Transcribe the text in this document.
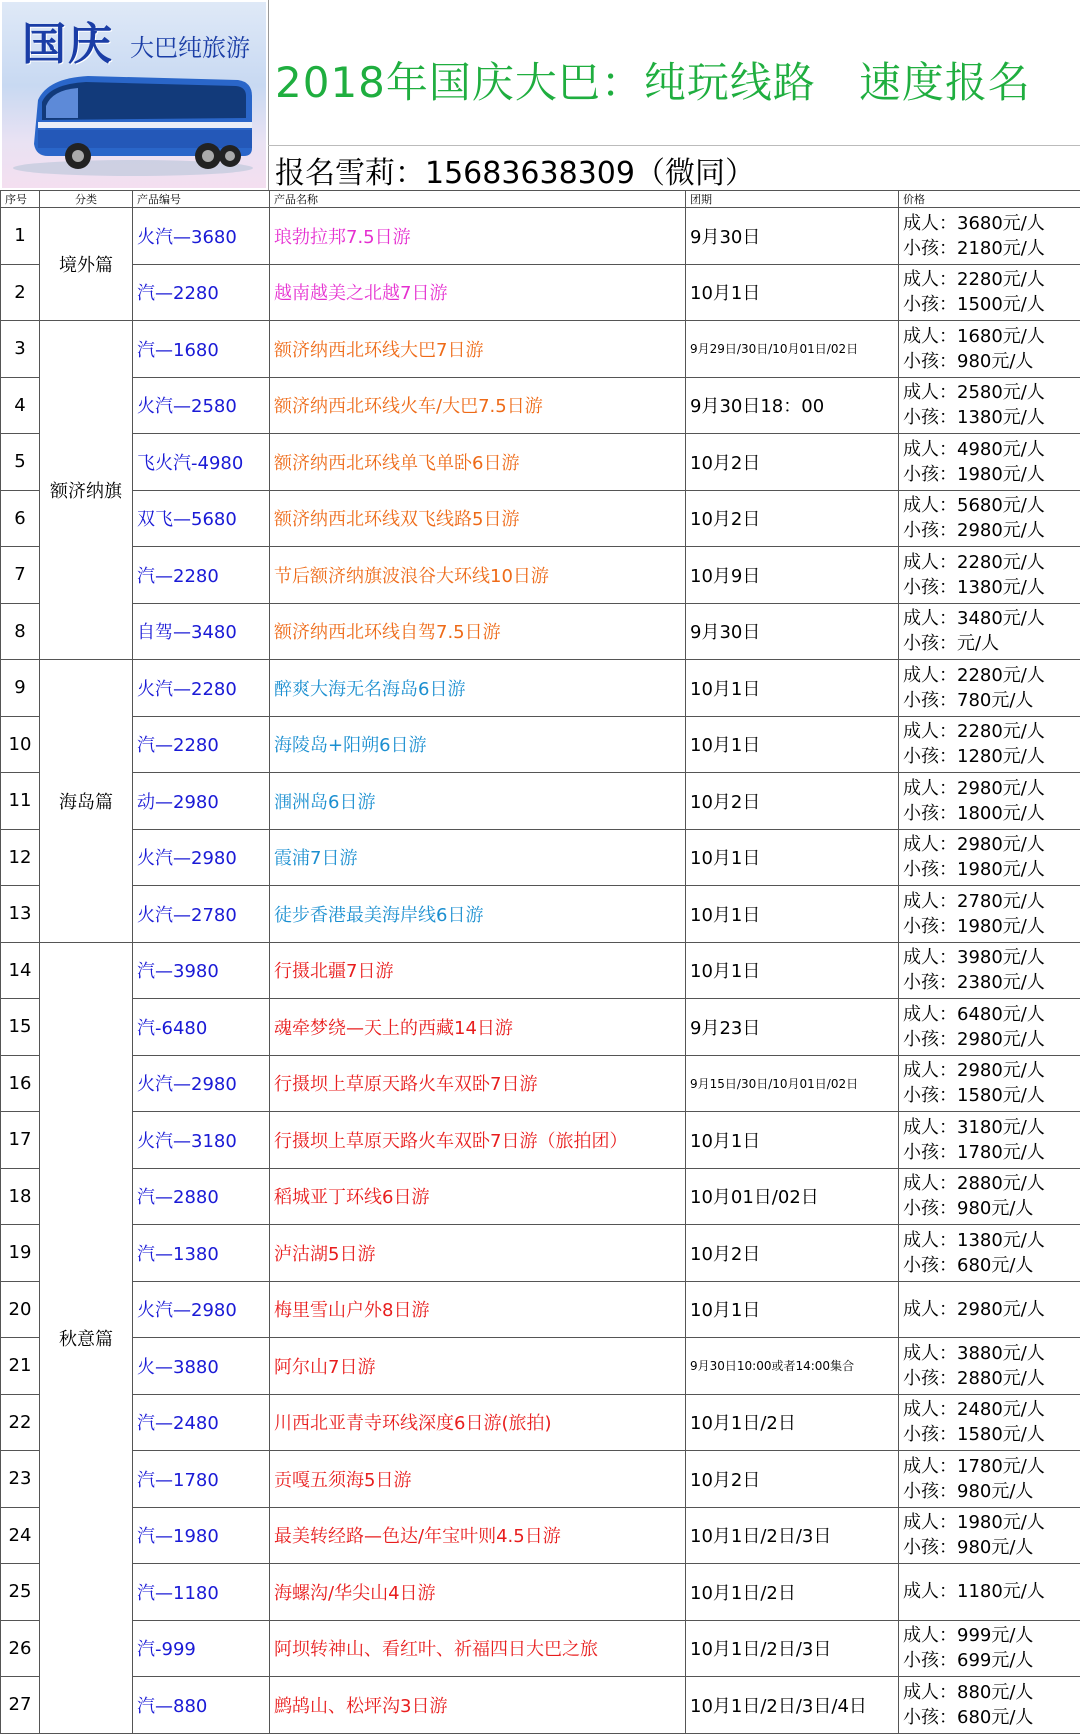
国庆 大巴纯旅游
2018年国庆大巴：纯玩线路　速度报名
报名雪莉：15683638309（微同）
序号	分类	产品编号	产品名称	团期	价格
1	境外篇	火汽—3680	琅勃拉邦7.5日游	9月30日	成人：3680元/人
小孩：2180元/人

2		汽—2280	越南越美之北越7日游	10月1日	成人：2280元/人
小孩：1500元/人

3	额济纳旗	汽—1680	额济纳西北环线大巴7日游	9月29日/30日/10月01日/02日	成人：1680元/人
小孩：980元/人

4		火汽—2580	额济纳西北环线火车/大巴7.5日游	9月30日18：00	成人：2580元/人
小孩：1380元/人

5		飞火汽-4980	额济纳西北环线单飞单卧6日游	10月2日	成人：4980元/人
小孩：1980元/人

6		双飞—5680	额济纳西北环线双飞线路5日游	10月2日	成人：5680元/人
小孩：2980元/人

7		汽—2280	节后额济纳旗波浪谷大环线10日游	10月9日	成人：2280元/人
小孩：1380元/人

8		自驾—3480	额济纳西北环线自驾7.5日游	9月30日	成人：3480元/人
小孩：元/人

9	海岛篇	火汽—2280	醉爽大海无名海岛6日游	10月1日	成人：2280元/人
小孩：780元/人

10		汽—2280	海陵岛+阳朔6日游	10月1日	成人：2280元/人
小孩：1280元/人

11		动—2980	涠洲岛6日游	10月2日	成人：2980元/人
小孩：1800元/人

12		火汽—2980	霞浦7日游	10月1日	成人：2980元/人
小孩：1980元/人

13		火汽—2780	徒步香港最美海岸线6日游	10月1日	成人：2780元/人
小孩：1980元/人

14	秋意篇	汽—3980	行摄北疆7日游	10月1日	成人：3980元/人
小孩：2380元/人

15		汽-6480	魂牵梦绕—天上的西藏14日游	9月23日	成人：6480元/人
小孩：2980元/人

16		火汽—2980	行摄坝上草原天路火车双卧7日游	9月15日/30日/10月01日/02日	成人：2980元/人
小孩：1580元/人

17		火汽—3180	行摄坝上草原天路火车双卧7日游（旅拍团）	10月1日	成人：3180元/人
小孩：1780元/人

18		汽—2880	稻城亚丁环线6日游	10月01日/02日	成人：2880元/人
小孩：980元/人

19		汽—1380	泸沽湖5日游	10月2日	成人：1380元/人
小孩：680元/人

20		火汽—2980	梅里雪山户外8日游	10月1日	成人：2980元/人

21		火—3880	阿尔山7日游	9月30日10:00或者14:00集合	成人：3880元/人
小孩：2880元/人

22		汽—2480	川西北亚青寺环线深度6日游(旅拍)	10月1日/2日	成人：2480元/人
小孩：1580元/人

23		汽—1780	贡嘎五须海5日游	10月2日	成人：1780元/人
小孩：980元/人

24		汽—1980	最美转经路—色达/年宝叶则4.5日游	10月1日/2日/3日	成人：1980元/人
小孩：980元/人

25		汽—1180	海螺沟/华尖山4日游	10月1日/2日	成人：1180元/人

26		汽-999	阿坝转神山、看红叶、祈福四日大巴之旅	10月1日/2日/3日	成人：999元/人
小孩：699元/人

27		汽—880	鹧鸪山、松坪沟3日游	10月1日/2日/3日/4日	成人：880元/人
小孩：680元/人
